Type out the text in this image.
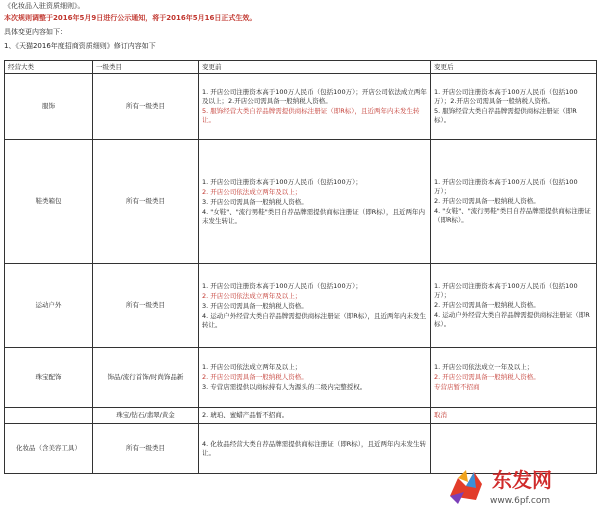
《化妆品入驻资质细则》。
本次规则调整于2016年5月9日进行公示通知，将于2016年5月16日正式生效。
具体变更内容如下：
1、《天猫2016年度招商资质细则》修订内容如下
经营大类	一级类目	变更前	变更后
服饰	所有一级类目	1. 开店公司注册资本高于100万人民币（包括100万）；开店公司依法成立两年及以上；2.开店公司需具备一般纳税人资格。
5. 服饰经营大类自荐品牌需提供商标注册证（即R标），且近两年内未发生转让。	1. 开店公司注册资本高于100万人民币（包括100万）；2.开店公司需具备一般纳税人资格。
5. 服饰经营大类自荐品牌需提供商标注册证（即R标）。

鞋类箱包	所有一级类目	1. 开店公司注册资本高于100万人民币（包括100万）；
2. 开店公司依法成立两年及以上；
3. 开店公司需具备一般纳税人资格。
4. "女鞋"、"流行男鞋"类目自荐品牌需提供商标注册证（即R标），且近两年内未发生转让。	1. 开店公司注册资本高于100万人民币（包括100万）；
2. 开店公司需具备一般纳税人资格。
4. "女鞋"、"流行男鞋"类目自荐品牌需提供商标注册证（即R标）。

运动户外	所有一级类目	1. 开店公司注册资本高于100万人民币（包括100万）；
2. 开店公司依法成立两年及以上；
3. 开店公司需具备一般纳税人资格。
4. 运动户外经营大类自荐品牌需提供商标注册证（即R标），且近两年内未发生转让。	1. 开店公司注册资本高于100万人民币（包括100万）；
2. 开店公司需具备一般纳税人资格。
4. 运动户外经营大类自荐品牌需提供商标注册证（即R标）。

珠宝配饰	饰品/流行首饰/时尚饰品新	1. 开店公司依法成立两年及以上；
2. 开店公司需具备一般纳税人资格。
3. 专营店需提供以商标持有人为源头的二级内完整授权。	1. 开店公司依法成立一年及以上；
2. 开店公司需具备一般纳税人资格。
专营店暂不招商

	珠宝/钻石/翡翠/黄金	2. 琥珀、蜜蜡产品暂不招商。	取消

化妆品（含美容工具）	所有一级类目	4. 化妆品经营大类自荐品牌需提供商标注册证（即R标），且近两年内未发生转让。	

东发网
www.6pf.com
